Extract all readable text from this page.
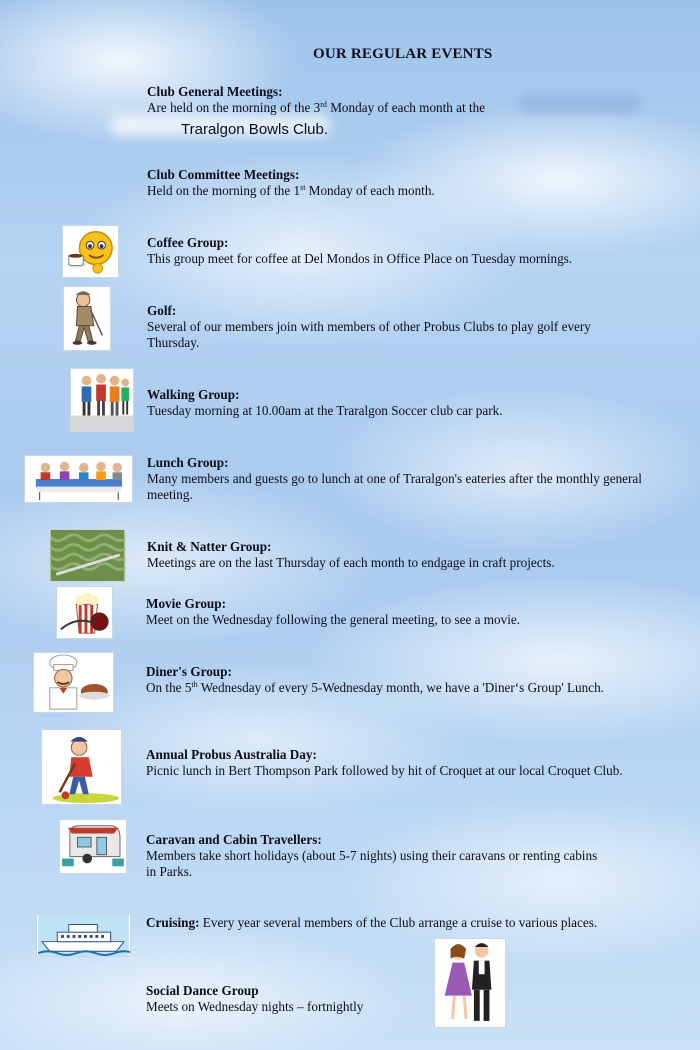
OUR REGULAR EVENTS
Club General Meetings:

Are held on the morning of the 3rd Monday of each month at the

Traralgon Bowls Club.
Club Committee Meetings:

Held on the morning of the 1st Monday of each month.

Coffee Group:

This group meet for coffee at Del Mondos in Office Place on Tuesday mornings.

Golf:

Several of our members join with members of other Probus Clubs to play golf every Thursday.

Walking Group:

Tuesday morning at 10.00am at the Traralgon Soccer club car park.

Lunch Group:

Many members and guests go to lunch at one of Traralgon's eateries after the monthly general meeting.

Knit & Natter Group:

Meetings are on the last Thursday of each month to endgage in craft projects.

Movie Group:

Meet on the Wednesday following the general meeting, to see a movie.

Diner's Group:

On the 5th Wednesday of every 5-Wednesday month, we have a 'Diner‘s Group' Lunch.

Annual Probus Australia Day:

Picnic lunch in Bert Thompson Park followed by hit of Croquet at our local Croquet Club.

Caravan and Cabin Travellers:

Members take short holidays (about 5-7 nights) using their caravans or renting cabins in Parks.

Cruising: Every year several members of the Club arrange a cruise to various places.

Social Dance Group

Meets on Wednesday nights – fortnightly
